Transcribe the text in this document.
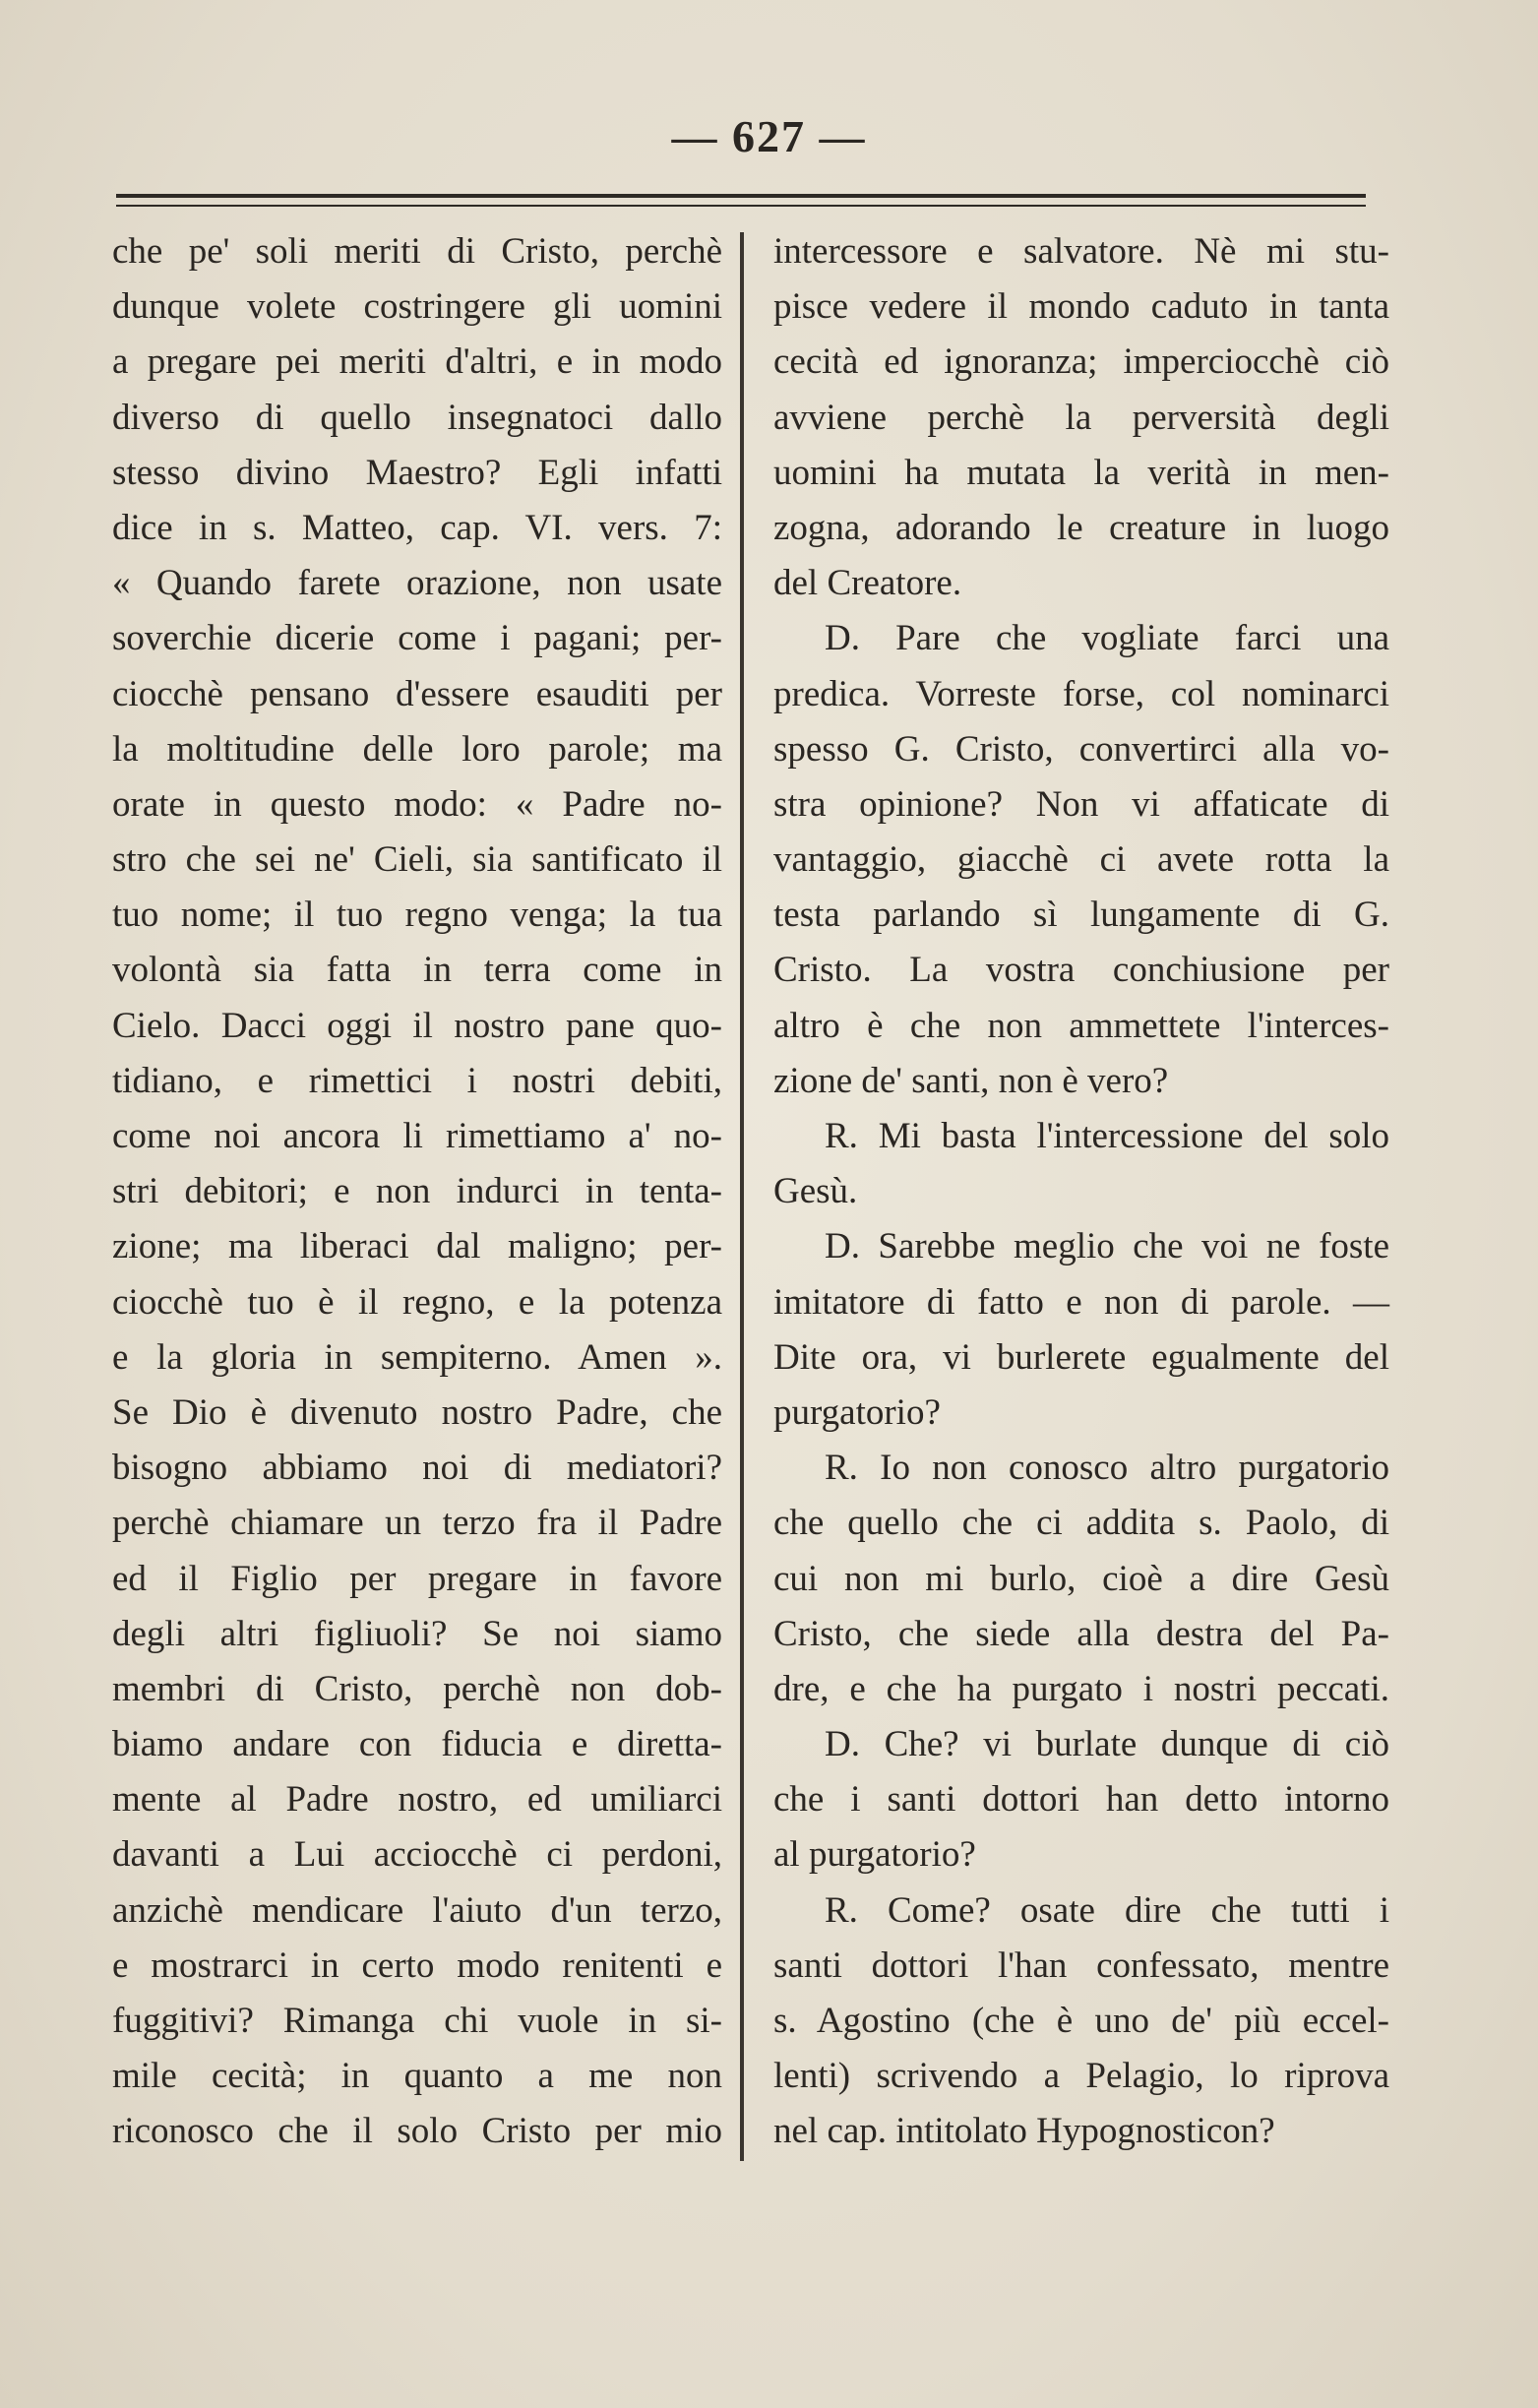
— 627 —
che pe' soli meriti di Cristo, perchè
dunque volete costringere gli uomini
a pregare pei meriti d'altri, e in modo
diverso di quello insegnatoci dallo
stesso divino Maestro? Egli infatti
dice in s. Matteo, cap. VI. vers. 7:
« Quando farete orazione, non usate
soverchie dicerie come i pagani; per-
ciocchè pensano d'essere esauditi per
la moltitudine delle loro parole; ma
orate in questo modo: « Padre no-
stro che sei ne' Cieli, sia santificato il
tuo nome; il tuo regno venga; la tua
volontà sia fatta in terra come in
Cielo. Dacci oggi il nostro pane quo-
tidiano, e rimettici i nostri debiti,
come noi ancora li rimettiamo a' no-
stri debitori; e non indurci in tenta-
zione; ma liberaci dal maligno; per-
ciocchè tuo è il regno, e la potenza
e la gloria in sempiterno. Amen ».
Se Dio è divenuto nostro Padre, che
bisogno abbiamo noi di mediatori?
perchè chiamare un terzo fra il Padre
ed il Figlio per pregare in favore
degli altri figliuoli? Se noi siamo
membri di Cristo, perchè non dob-
biamo andare con fiducia e diretta-
mente al Padre nostro, ed umiliarci
davanti a Lui acciocchè ci perdoni,
anzichè mendicare l'aiuto d'un terzo,
e mostrarci in certo modo renitenti e
fuggitivi? Rimanga chi vuole in si-
mile cecità; in quanto a me non
riconosco che il solo Cristo per mio
intercessore e salvatore. Nè mi stu-
pisce vedere il mondo caduto in tanta
cecità ed ignoranza; imperciocchè ciò
avviene perchè la perversità degli
uomini ha mutata la verità in men-
zogna, adorando le creature in luogo
del Creatore.
D. Pare che vogliate farci una
predica. Vorreste forse, col nominarci
spesso G. Cristo, convertirci alla vo-
stra opinione? Non vi affaticate di
vantaggio, giacchè ci avete rotta la
testa parlando sì lungamente di G.
Cristo. La vostra conchiusione per
altro è che non ammettete l'interces-
zione de' santi, non è vero?
R. Mi basta l'intercessione del solo
Gesù.
D. Sarebbe meglio che voi ne foste
imitatore di fatto e non di parole. —
Dite ora, vi burlerete egualmente del
purgatorio?
R. Io non conosco altro purgatorio
che quello che ci addita s. Paolo, di
cui non mi burlo, cioè a dire Gesù
Cristo, che siede alla destra del Pa-
dre, e che ha purgato i nostri peccati.
D. Che? vi burlate dunque di ciò
che i santi dottori han detto intorno
al purgatorio?
R. Come? osate dire che tutti i
santi dottori l'han confessato, mentre
s. Agostino (che è uno de' più eccel-
lenti) scrivendo a Pelagio, lo riprova
nel cap. intitolato Hypognosticon?
